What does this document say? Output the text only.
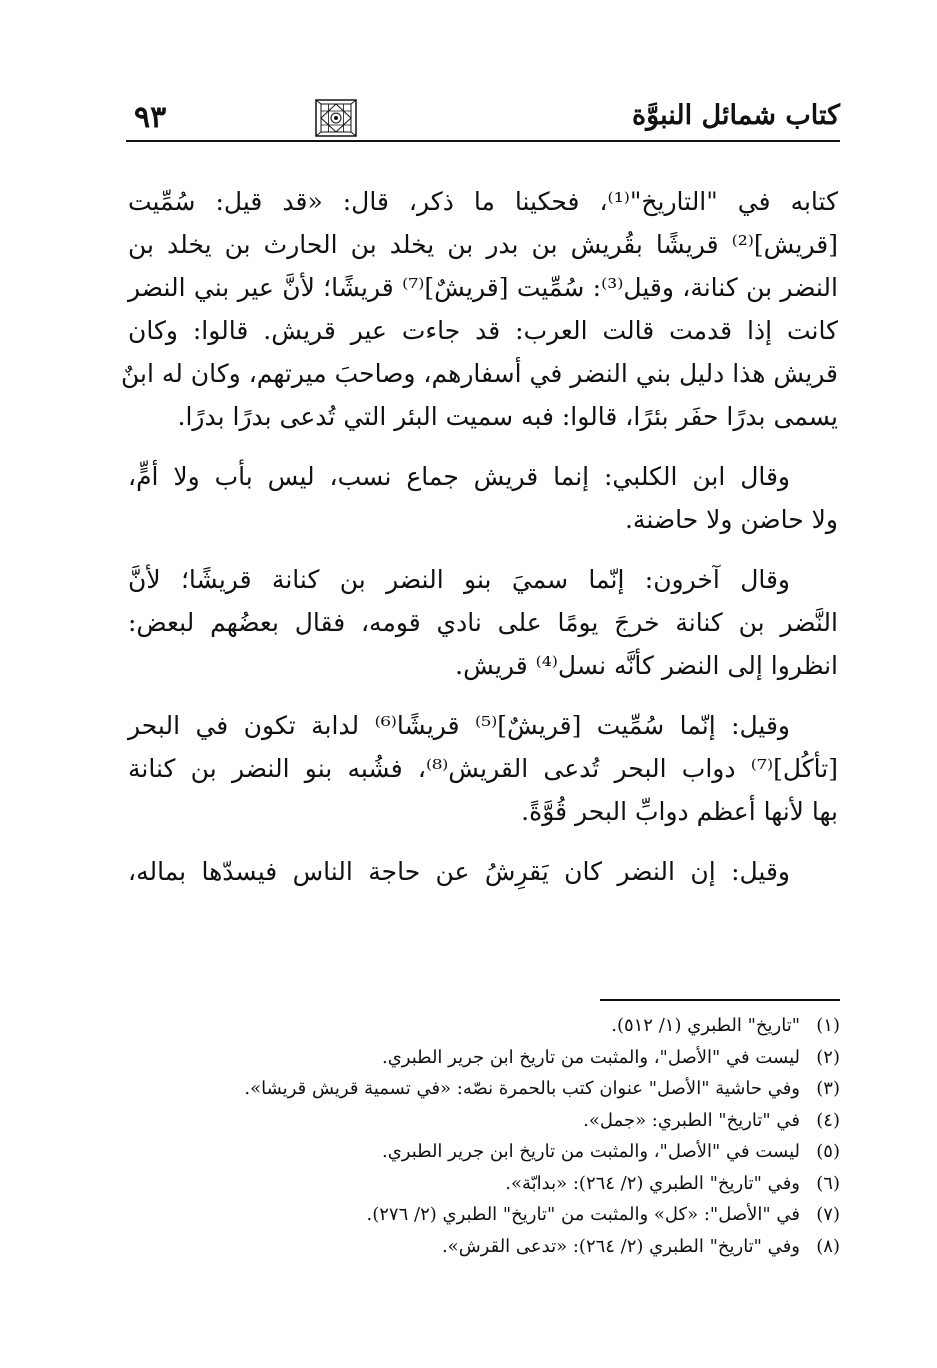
٩٣	كتاب شمائل النبوَّة

كتابه في "التاريخ"⁽¹⁾، فحكينا ما ذكر، قال: «قد قيل: سُمِّيت
[قريش]⁽²⁾ قريشًا بقُريش بن بدر بن يخلد بن الحارث بن يخلد بن
النضر بن كنانة، وقيل⁽³⁾: سُمِّيت [قريشٌ]⁽⁷⁾ قريشًا؛ لأنَّ عير بني النضر
كانت إذا قدمت قالت العرب: قد جاءت عير قريش. قالوا: وكان
قريش هذا دليل بني النضر في أسفارهم، وصاحبَ ميرتهم، وكان له ابنٌ
يسمى بدرًا حفَر بئرًا، قالوا: فبه سميت البئر التي تُدعى بدرًا بدرًا.

وقال ابن الكلبي: إنما قريش جماع نسب، ليس بأب ولا أمٍّ،
ولا حاضن ولا حاضنة.

وقال آخرون: إنّما سميَ بنو النضر بن كنانة قريشًا؛ لأنَّ
النَّضر بن كنانة خرجَ يومًا على نادي قومه، فقال بعضُهم لبعض:
انظروا إلى النضر كأنَّه نسل⁽⁴⁾ قريش.

وقيل: إنّما سُمِّيت [قريشٌ]⁽⁵⁾ قريشًا⁽⁶⁾ لدابة تكون في البحر
[تأكُل]⁽⁷⁾ دواب البحر تُدعى القريش⁽⁸⁾، فشُبه بنو النضر بن كنانة
بها لأنها أعظم دوابِّ البحر قُوَّةً.

وقيل: إن النضر كان يَقرِشُ عن حاجة الناس فيسدّها بماله،

(١)"تاريخ" الطبري (١/ ٥١٢).
(٢)ليست في "الأصل"، والمثبت من تاريخ ابن جرير الطبري.
(٣)وفي حاشية "الأصل" عنوان كتب بالحمرة نصّه: «في تسمية قريش قريشا».
(٤)في "تاريخ" الطبري: «جمل».
(٥)ليست في "الأصل"، والمثبت من تاريخ ابن جرير الطبري.
(٦)وفي "تاريخ" الطبري (٢/ ٢٦٤): «بدابّة».
(٧)في "الأصل": «كل» والمثبت من "تاريخ" الطبري (٢/ ٢٧٦).
(٨)وفي "تاريخ" الطبري (٢/ ٢٦٤): «تدعى القرش».
